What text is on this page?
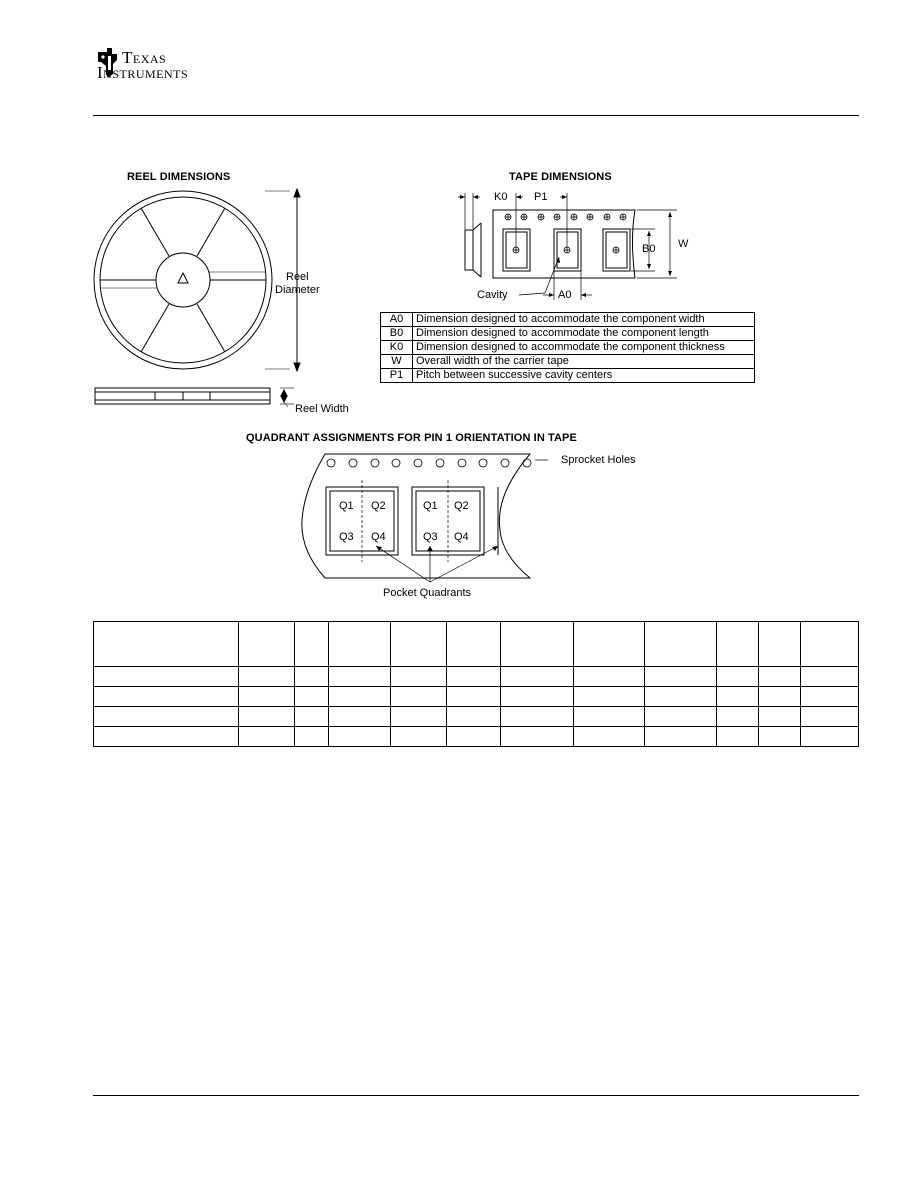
Texas
Instruments
REEL DIMENSIONS
Reel
Diameter
Reel Width
TAPE DIMENSIONS
K0 P1
B0 W
Cavity	A0
A0	Dimension designed to accommodate the component width
B0	Dimension designed to accommodate the component length
K0	Dimension designed to accommodate the component thickness
W	Overall width of the carrier tape
P1	Pitch between successive cavity centers
QUADRANT ASSIGNMENTS FOR PIN 1 ORIENTATION IN TAPE
Sprocket Holes
Q1 Q2
Q3 Q4
Q1 Q2
Q3 Q4
Pocket Quadrants
